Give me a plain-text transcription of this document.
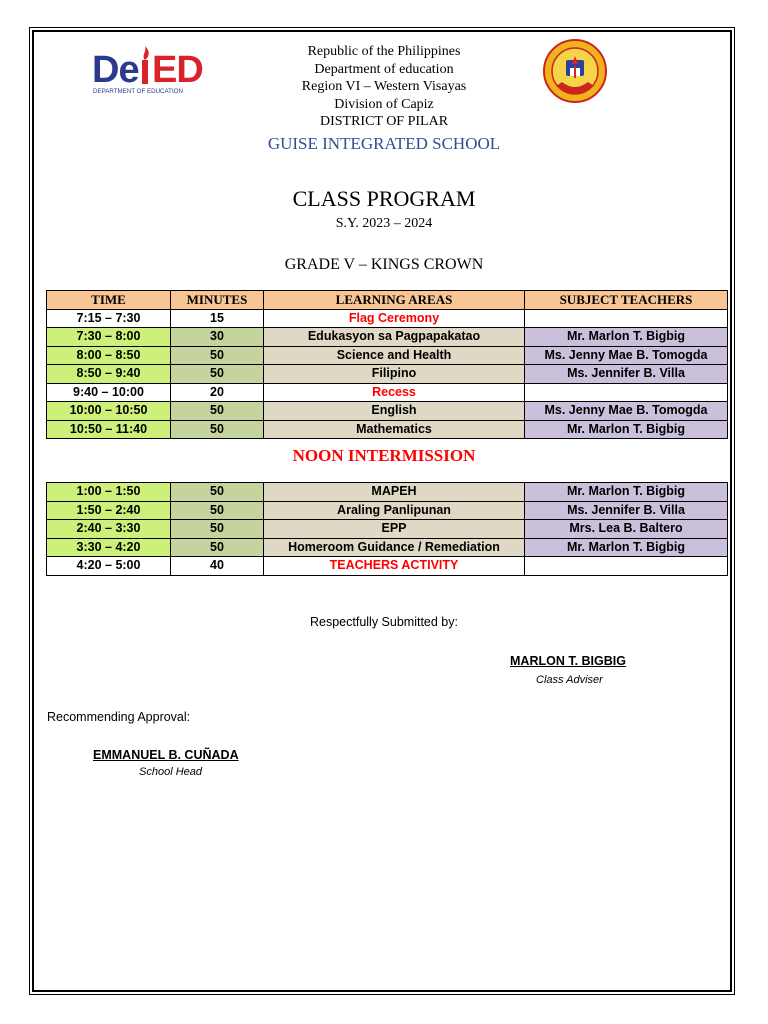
De ED
DEPARTMENT OF EDUCATION
Republic of the Philippines
Department of education
Region VI – Western Visayas
Division of Capiz
DISTRICT OF PILAR
GUISE INTEGRATED SCHOOL
CLASS PROGRAM
S.Y. 2023 – 2024
GRADE V – KINGS CROWN
TIME	MINUTES	LEARNING AREAS	SUBJECT TEACHERS
7:15 – 7:30	15	Flag Ceremony	
7:30 – 8:00	30	Edukasyon sa Pagpapakatao	Mr. Marlon T. Bigbig
8:00 – 8:50	50	Science and Health	Ms. Jenny Mae B. Tomogda
8:50 – 9:40	50	Filipino	Ms. Jennifer B. Villa
9:40 – 10:00	20	Recess	
10:00 – 10:50	50	English	Ms. Jenny Mae B. Tomogda
10:50 – 11:40	50	Mathematics	Mr. Marlon T. Bigbig
NOON INTERMISSION
1:00 – 1:50	50	MAPEH	Mr. Marlon T. Bigbig
1:50 – 2:40	50	Araling Panlipunan	Ms. Jennifer B. Villa
2:40 – 3:30	50	EPP	Mrs. Lea B. Baltero
3:30 – 4:20	50	Homeroom Guidance / Remediation	Mr. Marlon T. Bigbig
4:20 – 5:00	40	TEACHERS ACTIVITY	
Respectfully Submitted by:
MARLON T. BIGBIG
Class Adviser
Recommending Approval:
EMMANUEL B. CUÑADA
School Head
